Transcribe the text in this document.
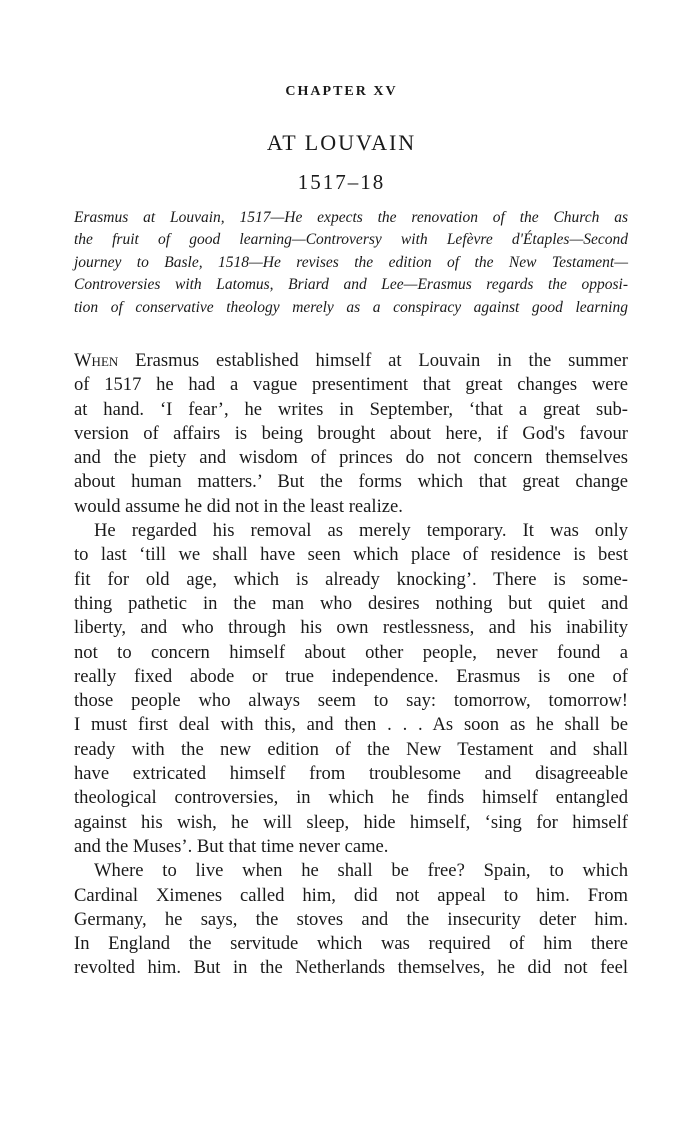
CHAPTER XV
AT LOUVAIN
1517–18
Erasmus at Louvain, 1517—He expects the renovation of the Church as
the fruit of good learning—Controversy with Lefèvre d'Étaples—Second
journey to Basle, 1518—He revises the edition of the New Testament—
Controversies with Latomus, Briard and Lee—Erasmus regards the opposi-
tion of conservative theology merely as a conspiracy against good learning
When Erasmus established himself at Louvain in the summer
of 1517 he had a vague presentiment that great changes were
at hand. ‘I fear’, he writes in September, ‘that a great sub-
version of affairs is being brought about here, if God's favour
and the piety and wisdom of princes do not concern themselves
about human matters.’ But the forms which that great change
would assume he did not in the least realize.
He regarded his removal as merely temporary. It was only
to last ‘till we shall have seen which place of residence is best
fit for old age, which is already knocking’. There is some-
thing pathetic in the man who desires nothing but quiet and
liberty, and who through his own restlessness, and his inability
not to concern himself about other people, never found a
really fixed abode or true independence. Erasmus is one of
those people who always seem to say: tomorrow, tomorrow!
I must first deal with this, and then . . . As soon as he shall be
ready with the new edition of the New Testament and shall
have extricated himself from troublesome and disagreeable
theological controversies, in which he finds himself entangled
against his wish, he will sleep, hide himself, ‘sing for himself
and the Muses’. But that time never came.
Where to live when he shall be free? Spain, to which
Cardinal Ximenes called him, did not appeal to him. From
Germany, he says, the stoves and the insecurity deter him.
In England the servitude which was required of him there
revolted him. But in the Netherlands themselves, he did not feel
